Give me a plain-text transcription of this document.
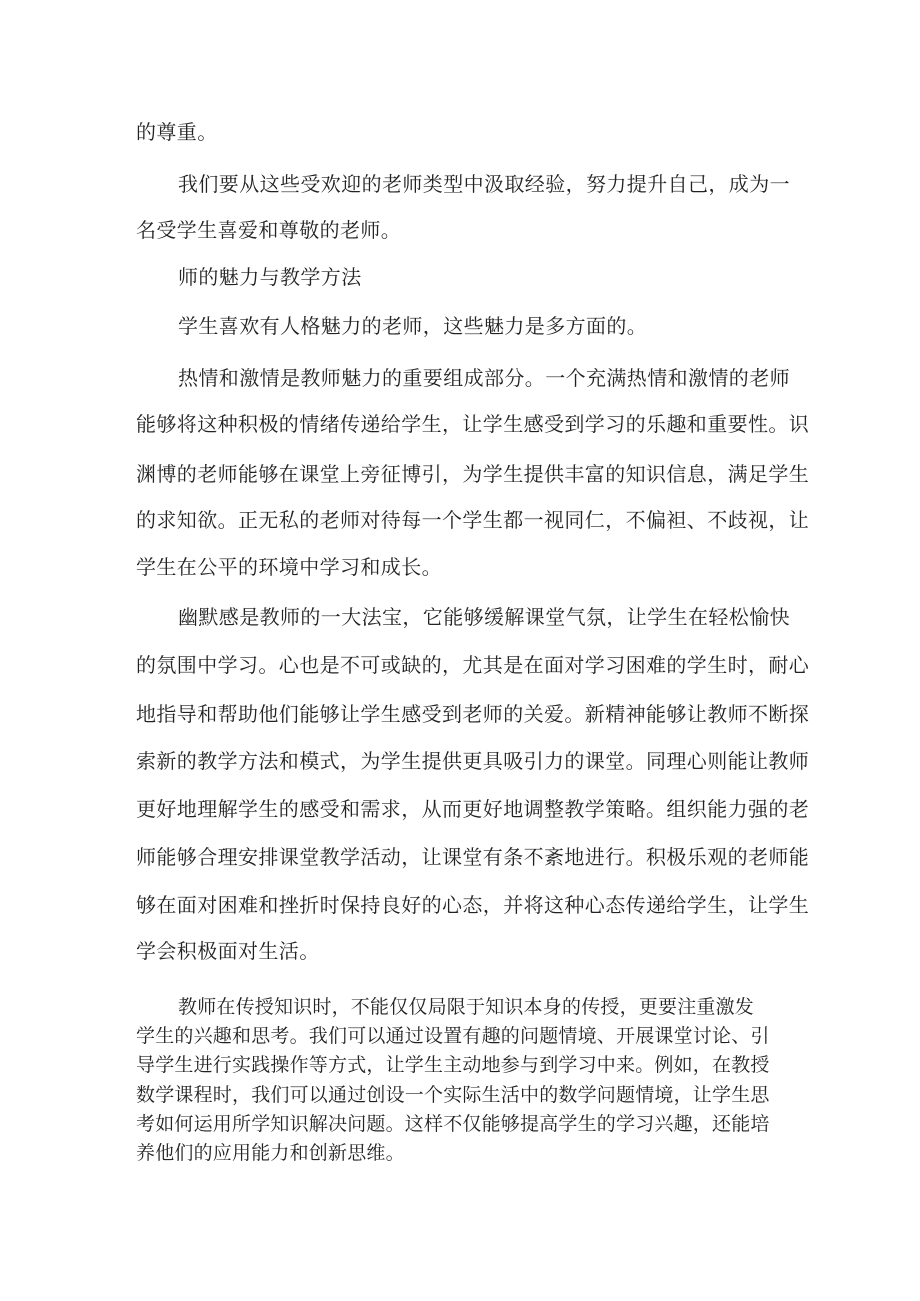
的尊重。
我们要从这些受欢迎的老师类型中汲取经验，努力提升自己，成为一
名受学生喜爱和尊敬的老师。
师的魅力与教学方法
学生喜欢有人格魅力的老师，这些魅力是多方面的。
热情和激情是教师魅力的重要组成部分。一个充满热情和激情的老师
能够将这种积极的情绪传递给学生，让学生感受到学习的乐趣和重要性。识
渊博的老师能够在课堂上旁征博引，为学生提供丰富的知识信息，满足学生
的求知欲。正无私的老师对待每一个学生都一视同仁，不偏袒、不歧视，让
学生在公平的环境中学习和成长。
幽默感是教师的一大法宝，它能够缓解课堂气氛，让学生在轻松愉快
的氛围中学习。心也是不可或缺的，尤其是在面对学习困难的学生时，耐心
地指导和帮助他们能够让学生感受到老师的关爱。新精神能够让教师不断探
索新的教学方法和模式，为学生提供更具吸引力的课堂。同理心则能让教师
更好地理解学生的感受和需求，从而更好地调整教学策略。组织能力强的老
师能够合理安排课堂教学活动，让课堂有条不紊地进行。积极乐观的老师能
够在面对困难和挫折时保持良好的心态，并将这种心态传递给学生，让学生
学会积极面对生活。
教师在传授知识时，不能仅仅局限于知识本身的传授，更要注重激发
学生的兴趣和思考。我们可以通过设置有趣的问题情境、开展课堂讨论、引
导学生进行实践操作等方式，让学生主动地参与到学习中来。例如，在教授
数学课程时，我们可以通过创设一个实际生活中的数学问题情境，让学生思
考如何运用所学知识解决问题。这样不仅能够提高学生的学习兴趣，还能培
养他们的应用能力和创新思维。
